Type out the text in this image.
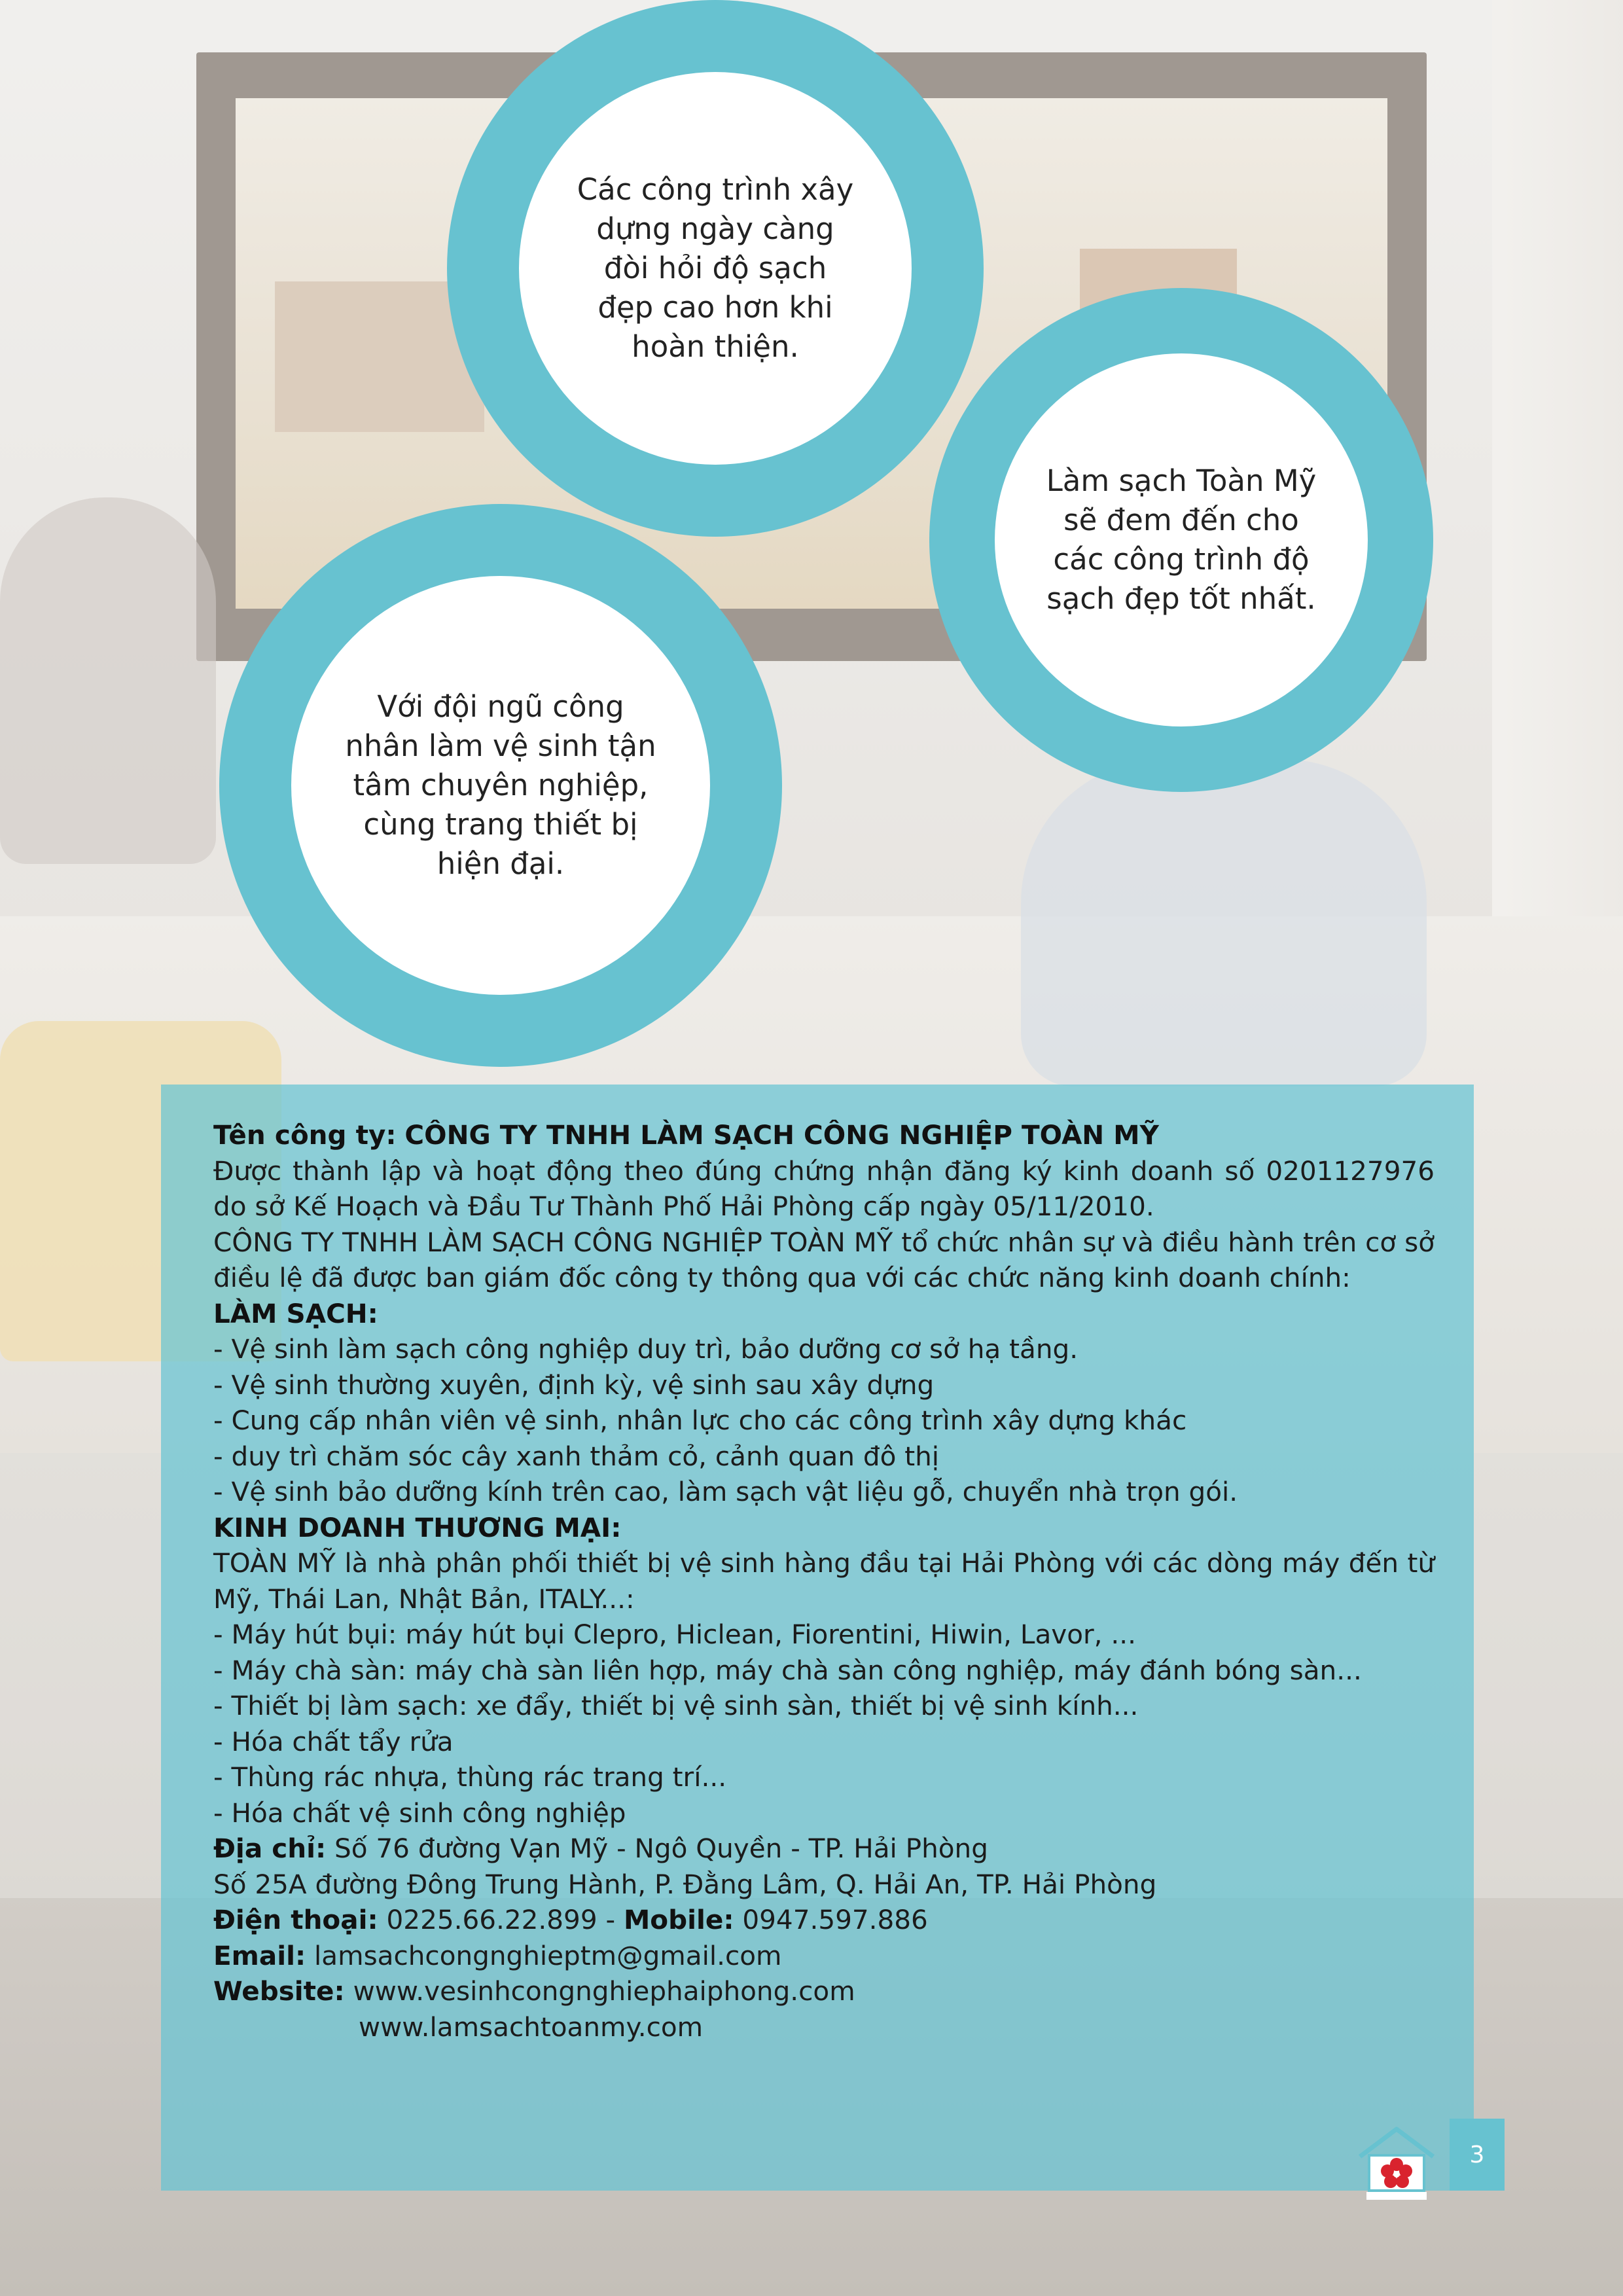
Các công trình xây
dựng ngày càng
đòi hỏi độ sạch
đẹp cao hơn khi
hoàn thiện.
Làm sạch Toàn Mỹ
sẽ đem đến cho
các công trình độ
sạch đẹp tốt nhất.
Với đội ngũ công
nhân làm vệ sinh tận
tâm chuyên nghiệp,
cùng trang thiết bị
hiện đại.
Tên công ty: CÔNG TY TNHH LÀM SẠCH CÔNG NGHIỆP TOÀN MỸ
Được thành lập và hoạt động theo đúng chứng nhận đăng ký kinh doanh số 0201127976 do sở Kế Hoạch và Đầu Tư Thành Phố Hải Phòng cấp ngày 05/11/2010.
CÔNG TY TNHH LÀM SẠCH CÔNG NGHIỆP TOÀN MỸ tổ chức nhân sự và điều hành trên cơ sở điều lệ đã được ban giám đốc công ty thông qua với các chức năng kinh doanh chính:
LÀM SẠCH:
- Vệ sinh làm sạch công nghiệp duy trì, bảo dưỡng cơ sở hạ tầng.
- Vệ sinh thường xuyên, định kỳ, vệ sinh sau xây dựng
- Cung cấp nhân viên vệ sinh, nhân lực cho các công trình xây dựng khác
- duy trì chăm sóc cây xanh thảm cỏ, cảnh quan đô thị
- Vệ sinh bảo dưỡng kính trên cao, làm sạch vật liệu gỗ, chuyển nhà trọn gói.
KINH DOANH THƯƠNG MẠI:
TOÀN MỸ là nhà phân phối thiết bị vệ sinh hàng đầu tại Hải Phòng với các dòng máy đến từ Mỹ, Thái Lan, Nhật Bản, ITALY...:
- Máy hút bụi: máy hút bụi Clepro, Hiclean, Fiorentini, Hiwin, Lavor, ...
- Máy chà sàn: máy chà sàn liên hợp, máy chà sàn công nghiệp, máy đánh bóng sàn...
- Thiết bị làm sạch: xe đẩy, thiết bị vệ sinh sàn, thiết bị vệ sinh kính...
- Hóa chất tẩy rửa
- Thùng rác nhựa, thùng rác trang trí...
- Hóa chất vệ sinh công nghiệp
Địa chỉ: Số 76 đường Vạn Mỹ - Ngô Quyền - TP. Hải Phòng
Số 25A đường Đông Trung Hành, P. Đằng Lâm, Q. Hải An, TP. Hải Phòng
Điện thoại: 0225.66.22.899 - Mobile: 0947.597.886
Email: lamsachcongnghieptm@gmail.com
Website: www.vesinhcongnghiephaiphong.com
www.lamsachtoanmy.com
3
